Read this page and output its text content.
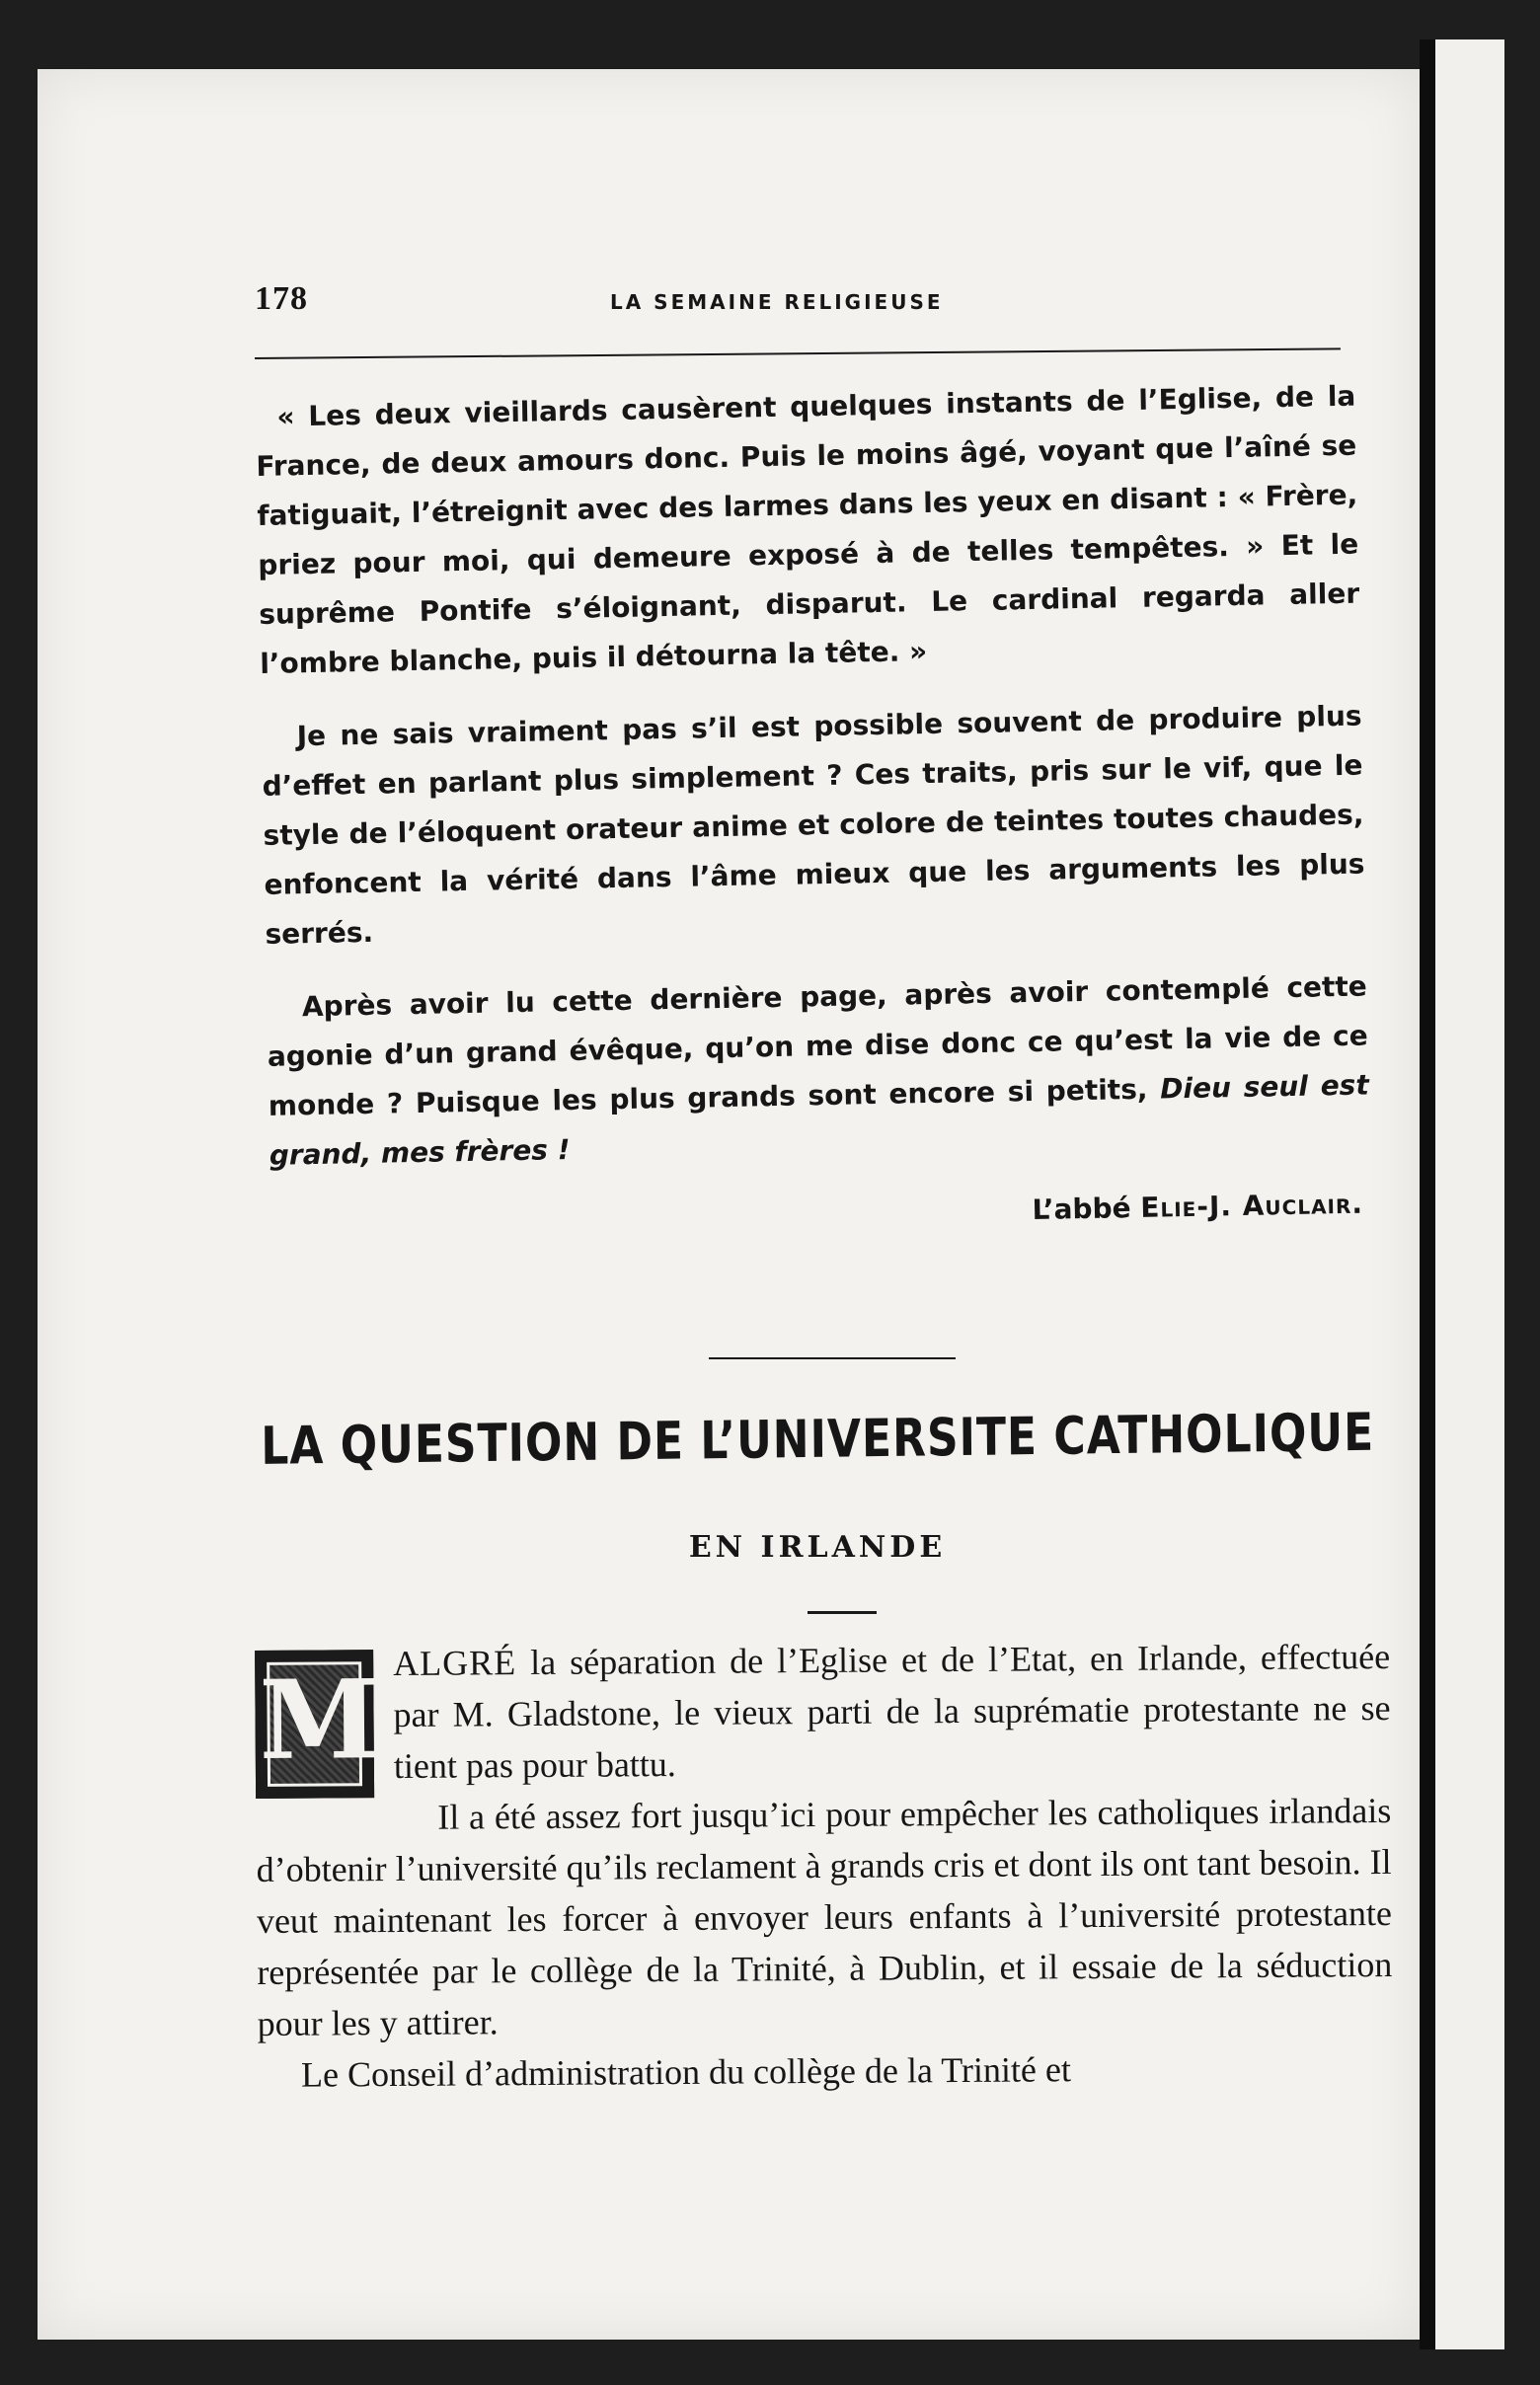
178	LA SEMAINE RELIGIEUSE

« Les deux vieillards causèrent quelques instants de l’Eglise, de la France, de deux amours donc. Puis le moins âgé, voyant que l’aîné se fatiguait, l’étreignit avec des larmes dans les yeux en disant : « Frère, priez pour moi, qui demeure exposé à de telles tempêtes. » Et le suprême Pontife s’éloignant, disparut. Le cardinal regarda aller l’ombre blanche, puis il détourna la tête. »

Je ne sais vraiment pas s’il est possible souvent de produire plus d’effet en parlant plus simplement ? Ces traits, pris sur le vif, que le style de l’éloquent orateur anime et colore de teintes toutes chaudes, enfoncent la vérité dans l’âme mieux que les arguments les plus serrés.

Après avoir lu cette dernière page, après avoir contemplé cette agonie d’un grand évêque, qu’on me dise donc ce qu’est la vie de ce monde ? Puisque les plus grands sont encore si petits, Dieu seul est grand, mes frères !

L’abbé Elie-J. Auclair.
LA QUESTION DE L’UNIVERSITE CATHOLIQUE
EN IRLANDE
M ALGRÉ la séparation de l’Eglise et de l’Etat, en Irlande, effectuée par M. Gladstone, le vieux parti de la suprématie protestante ne se tient pas pour battu.

Il a été assez fort jusqu’ici pour empêcher les catholiques irlandais d’obtenir l’université qu’ils reclament à grands cris et dont ils ont tant besoin. Il veut maintenant les forcer à envoyer leurs enfants à l’université protestante représentée par le collège de la Trinité, à Dublin, et il essaie de la séduction pour les y attirer.

Le Conseil d’administration du collège de la Trinité et
